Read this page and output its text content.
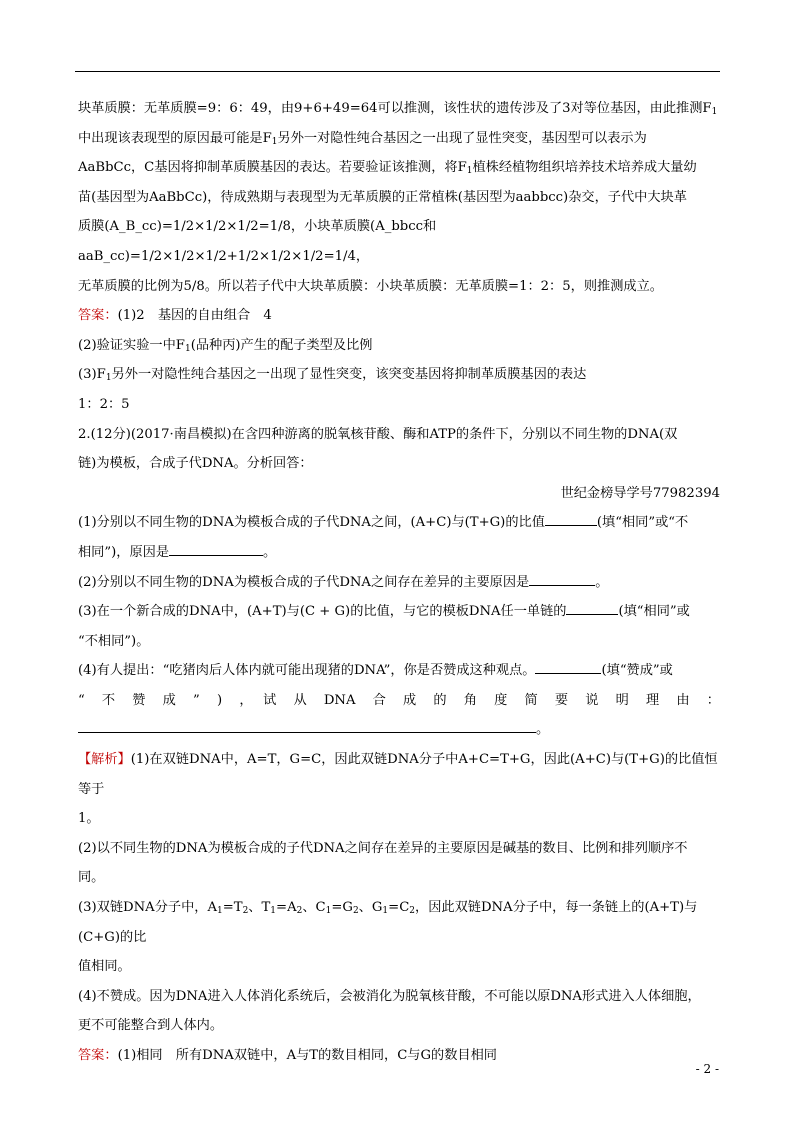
块革质膜：无革质膜=9：6：49，由9+6+49=64可以推测，该性状的遗传涉及了3对等位基因，由此推测$F_1$

中出现该表现型的原因最可能是$F_1$另外一对隐性纯合基因之一出现了显性突变，基因型可以表示为

AaBbCc，C基因将抑制革质膜基因的表达。若要验证该推测，将$F_1$植株经植物组织培养技术培养成大量幼

苗(基因型为AaBbCc)，待成熟期与表现型为无革质膜的正常植株(基因型为aabbcc)杂交，子代中大块革

质膜(A_B_cc)=1/2×1/2×1/2=1/8，小块革质膜(A_bbcc和aaB_cc)=1/2×1/2×1/2+1/2×1/2×1/2=1/4，

无革质膜的比例为5/8。所以若子代中大块革质膜：小块革质膜：无革质膜=1：2：5，则推测成立。

答案：(1)2　基因的自由组合　4

(2)验证实验一中$F_1$(品种丙)产生的配子类型及比例

$(3)F_1$另外一对隐性纯合基因之一出现了显性突变，该突变基因将抑制革质膜基因的表达

1：2：5

2.(12分)(2017·南昌模拟)在含四种游离的脱氧核苷酸、酶和ATP的条件下，分别以不同生物的DNA(双

链)为模板，合成子代DNA。分析回答：

世纪金榜导学号77982394

(1)分别以不同生物的DNA为模板合成的子代DNA之间，(A+C)与(T+G)的比值	(填“相同”或“不

相同”)，原因是	。

(2)分别以不同生物的DNA为模板合成的子代DNA之间存在差异的主要原因是	。

(3)在一个新合成的DNA中，(A+T)与(C + G)的比值，与它的模板DNA任一单链的	(填“相同”或

“不相同”)。

(4)有人提出：“吃猪肉后人体内就可能出现猪的DNA”，你是否赞成这种观点。	(填“赞成”或

“　不　赞　成　”　)　，　试　从　DNA　合　成　的　角　度　简　要　说　明　理　由　：

。

【解析】(1)在双链DNA中，A=T，G=C，因此双链DNA分子中A+C=T+G，因此(A+C)与(T+G)的比值恒等于

1。

(2)以不同生物的DNA为模板合成的子代DNA之间存在差异的主要原因是碱基的数目、比例和排列顺序不

同。

(3)双链DNA分子中，$A_1=T_2$、$T_1=A_2$、$C_1=G_2$、$G_1=C_2$，因此双链DNA分子中，每一条链上的(A+T)与(C+G)的比

值相同。

(4)不赞成。因为DNA进入人体消化系统后，会被消化为脱氧核苷酸，不可能以原DNA形式进入人体细胞，

更不可能整合到人体内。

答案：(1)相同　所有DNA双链中，A与T的数目相同，C与G的数目相同

- 2 -
